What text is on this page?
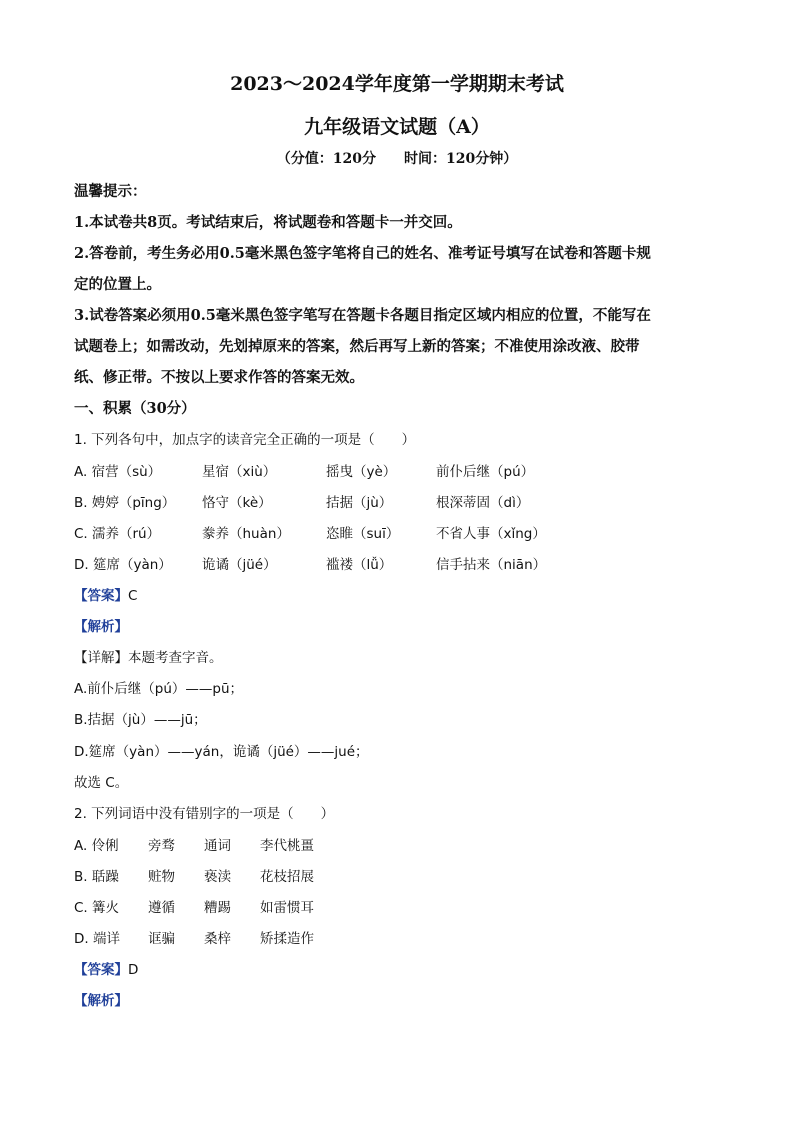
2023～2024学年度第一学期期末考试
九年级语文试题（A）
（分值：120分　　时间：120分钟）
温馨提示：
1.本试卷共8页。考试结束后，将试题卷和答题卡一并交回。
2.答卷前，考生务必用0.5毫米黑色签字笔将自己的姓名、准考证号填写在试卷和答题卡规
定的位置上。
3.试卷答案必须用0.5毫米黑色签字笔写在答题卡各题目指定区域内相应的位置，不能写在
试题卷上；如需改动，先划掉原来的答案，然后再写上新的答案；不准使用涂改液、胶带
纸、修正带。不按以上要求作答的答案无效。
一、积累（30分）
1. 下列各句中，加点字的读音完全正确的一项是（　　）
A. 宿营（sù）	星宿（xiù）	摇曳（yè）	前仆后继（pú）
B. 娉婷（pīng） 恪守（kè）	拮据（jù）	根深蒂固（dì）
C. 濡养（rú）	豢养（huàn）	恣睢（suī）	不省人事（xǐng）
D. 筵席（yàn） 诡谲（jüé）	褴褛（lǚ）	信手拈来（niān）
【答案】C
【解析】
【详解】本题考查字音。
A.前仆后继（pú）——pū；
B.拮据（jù）——jū；
D.筵席（yàn）——yán，诡谲（jüé）——jué；
故选 C。
2. 下列词语中没有错别字的一项是（　　）
A. 伶俐 旁骛 通词 李代桃畺
B. 聒躁 赃物 亵渎 花枝招展
C. 篝火 遵循 糟踢 如雷惯耳
D. 端详 诓骗 桑梓 矫揉造作
【答案】D
【解析】
